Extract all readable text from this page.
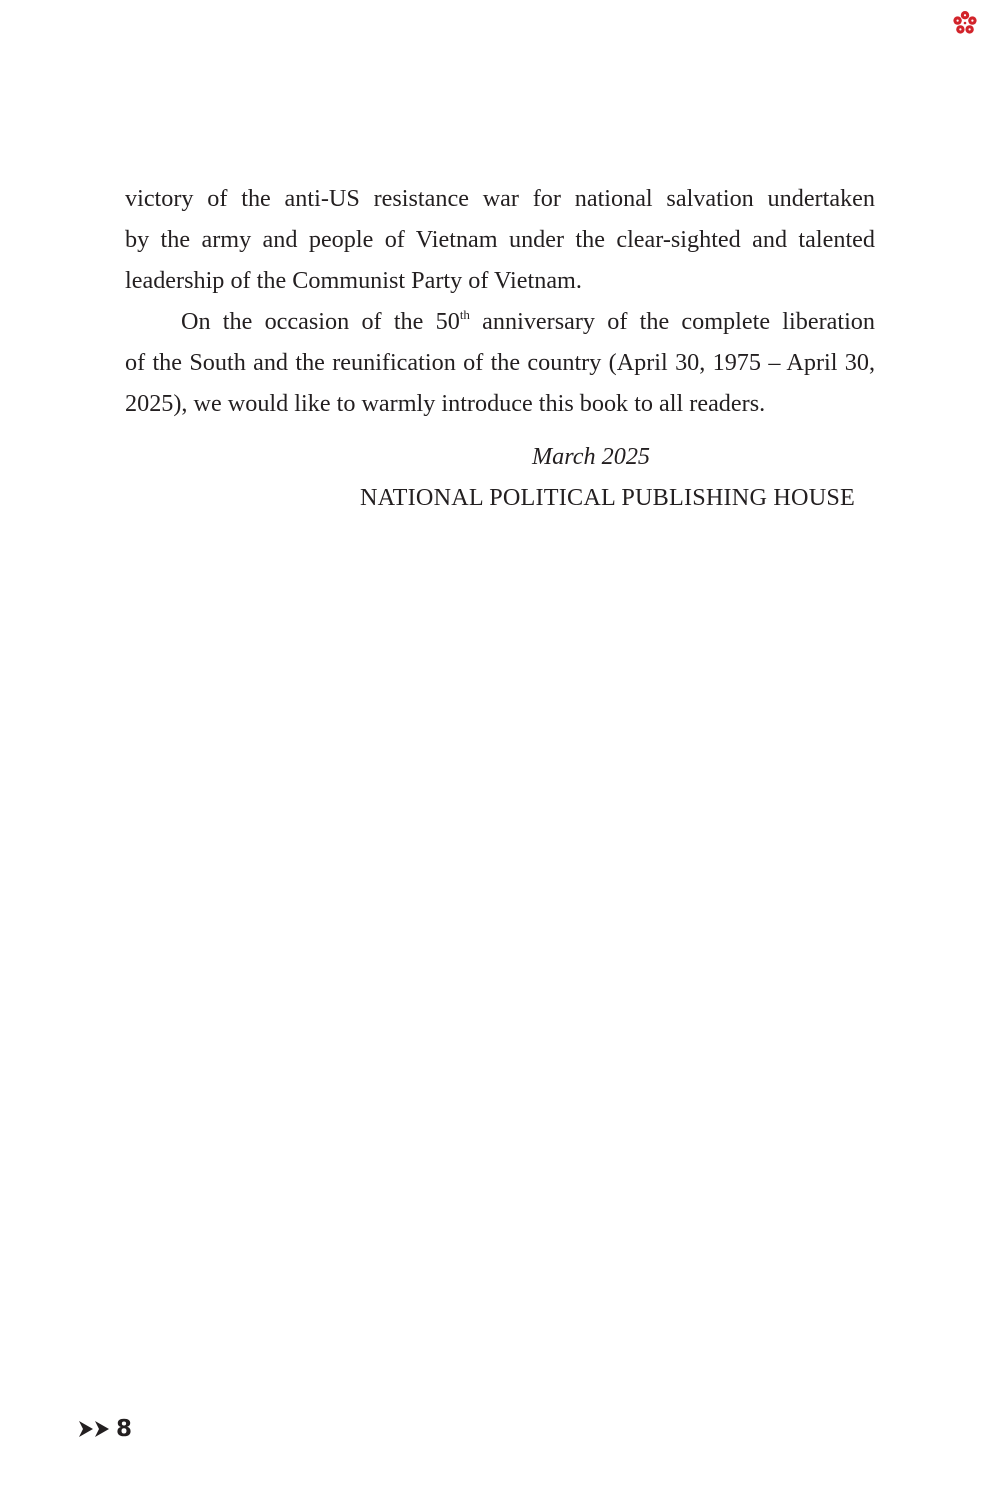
victory of the anti-US resistance war for national salvation undertaken
by the army and people of Vietnam under the clear-sighted and talented
leadership of the Communist Party of Vietnam.

On the occasion of the 50th anniversary of the complete liberation
of the South and the reunification of the country (April 30, 1975 – April 30,
2025), we would like to warmly introduce this book to all readers.

March 2025
NATIONAL POLITICAL PUBLISHING HOUSE
8
